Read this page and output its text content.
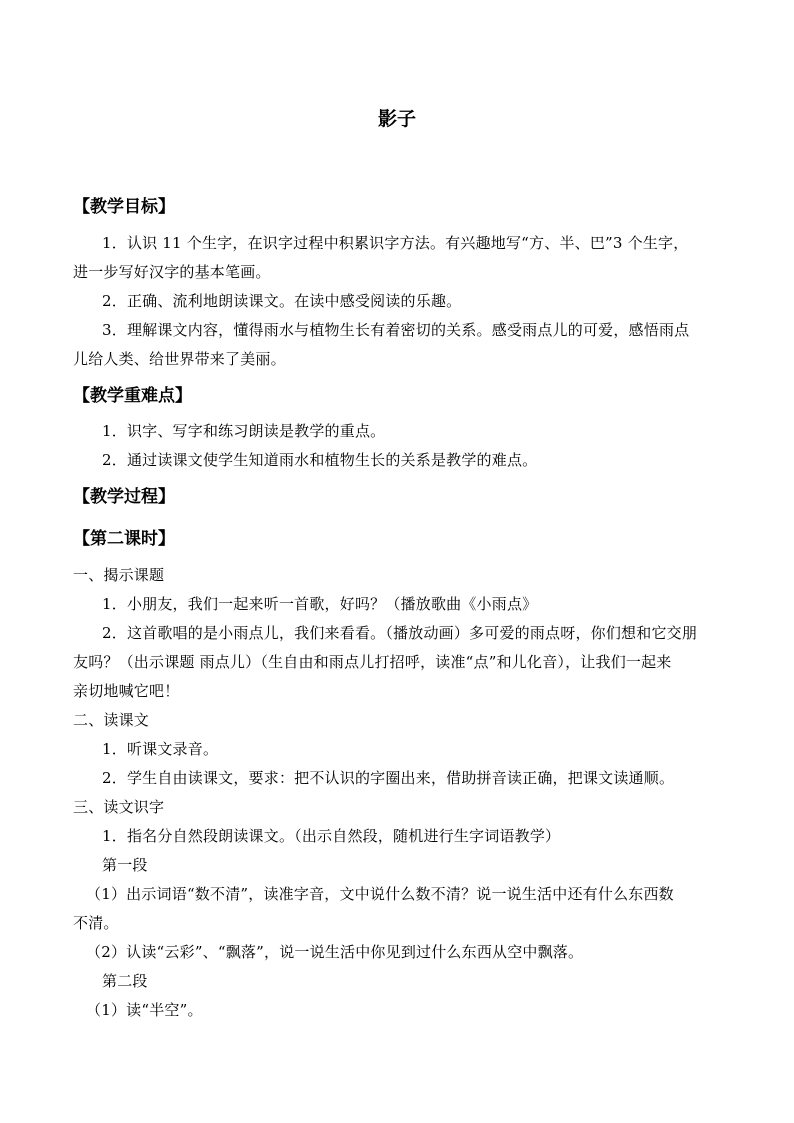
影子
【教学目标】
1．认识 11 个生字，在识字过程中积累识字方法。有兴趣地写“方、半、巴”3 个生字，
进一步写好汉字的基本笔画。
2．正确、流利地朗读课文。在读中感受阅读的乐趣。
3．理解课文内容，懂得雨水与植物生长有着密切的关系。感受雨点儿的可爱，感悟雨点
儿给人类、给世界带来了美丽。
【教学重难点】
1．识字、写字和练习朗读是教学的重点。
2．通过读课文使学生知道雨水和植物生长的关系是教学的难点。
【教学过程】
【第二课时】
一、揭示课题
1．小朋友，我们一起来听一首歌，好吗？（播放歌曲《小雨点》
2．这首歌唱的是小雨点儿，我们来看看。（播放动画）多可爱的雨点呀，你们想和它交朋
友吗？（出示课题 雨点儿）（生自由和雨点儿打招呼，读准“点”和儿化音），让我们一起来
亲切地喊它吧！
二、读课文
1．听课文录音。
2．学生自由读课文，要求：把不认识的字圈出来，借助拼音读正确，把课文读通顺。
三、读文识字
1．指名分自然段朗读课文。（出示自然段，随机进行生字词语教学）
第一段
（1）出示词语“数不清”，读准字音，文中说什么数不清？说一说生活中还有什么东西数
不清。
（2）认读“云彩”、“飘落”，说一说生活中你见到过什么东西从空中飘落。
第二段
（1）读“半空”。
